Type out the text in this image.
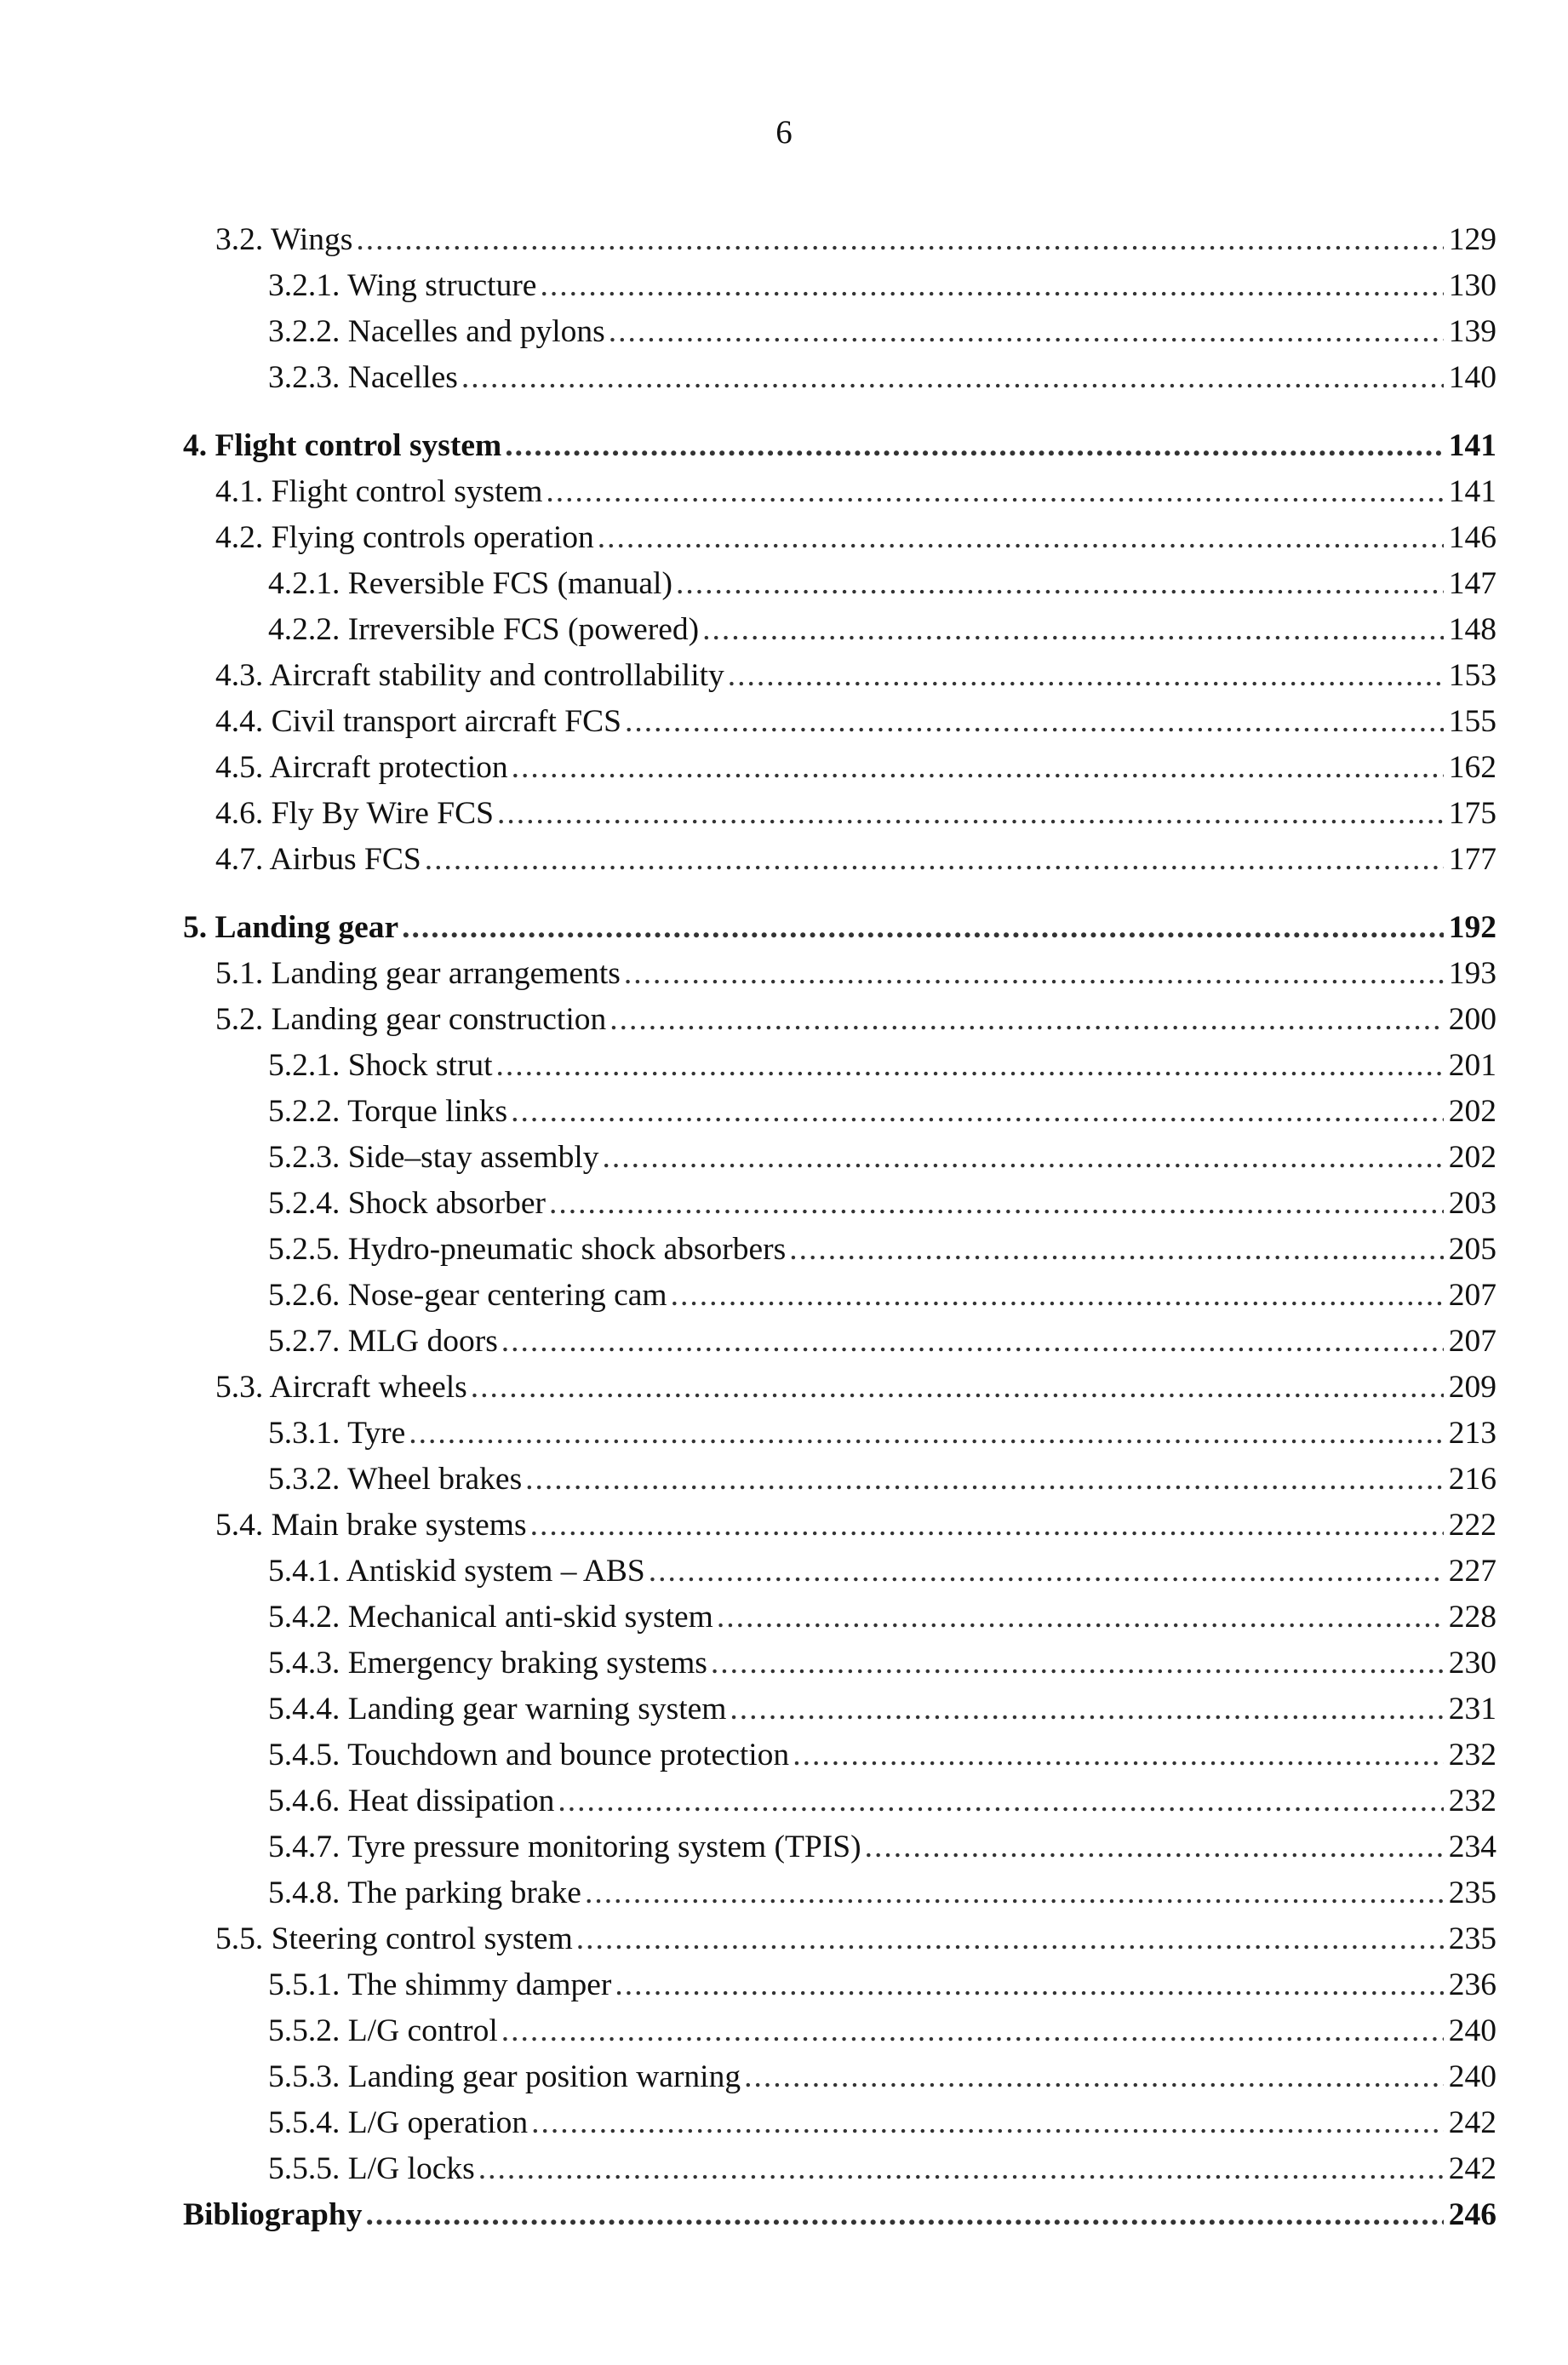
6
3.2. Wings .....	129
3.2.1. Wing structure .....	130
3.2.2. Nacelles and pylons .....	139
3.2.3. Nacelles .....	140
4. Flight control system .....	141
4.1. Flight control system .....	141
4.2. Flying controls operation .....	146
4.2.1. Reversible FCS (manual) .....	147
4.2.2. Irreversible FCS (powered) .....	148
4.3. Aircraft stability and controllability .....	153
4.4. Civil transport aircraft FCS .....	155
4.5. Aircraft protection .....	162
4.6. Fly By Wire FCS .....	175
4.7. Airbus FCS .....	177
5. Landing gear .....	192
5.1. Landing gear arrangements .....	193
5.2. Landing gear construction .....	200
5.2.1. Shock strut .....	201
5.2.2. Torque links .....	202
5.2.3. Side–stay assembly .....	202
5.2.4. Shock absorber .....	203
5.2.5. Hydro-pneumatic shock absorbers .....	205
5.2.6. Nose-gear centering cam .....	207
5.2.7. MLG doors .....	207
5.3. Aircraft wheels .....	209
5.3.1. Tyre .....	213
5.3.2. Wheel brakes .....	216
5.4. Main brake systems .....	222
5.4.1. Antiskid system – ABS .....	227
5.4.2. Mechanical anti-skid system .....	228
5.4.3. Emergency braking systems .....	230
5.4.4. Landing gear warning system .....	231
5.4.5. Touchdown and bounce protection .....	232
5.4.6. Heat dissipation .....	232
5.4.7. Tyre pressure monitoring system (TPIS) .....	234
5.4.8. The parking brake .....	235
5.5. Steering control system .....	235
5.5.1. The shimmy damper .....	236
5.5.2. L/G control .....	240
5.5.3. Landing gear position warning .....	240
5.5.4. L/G operation .....	242
5.5.5. L/G locks .....	242
Bibliography .....	246
